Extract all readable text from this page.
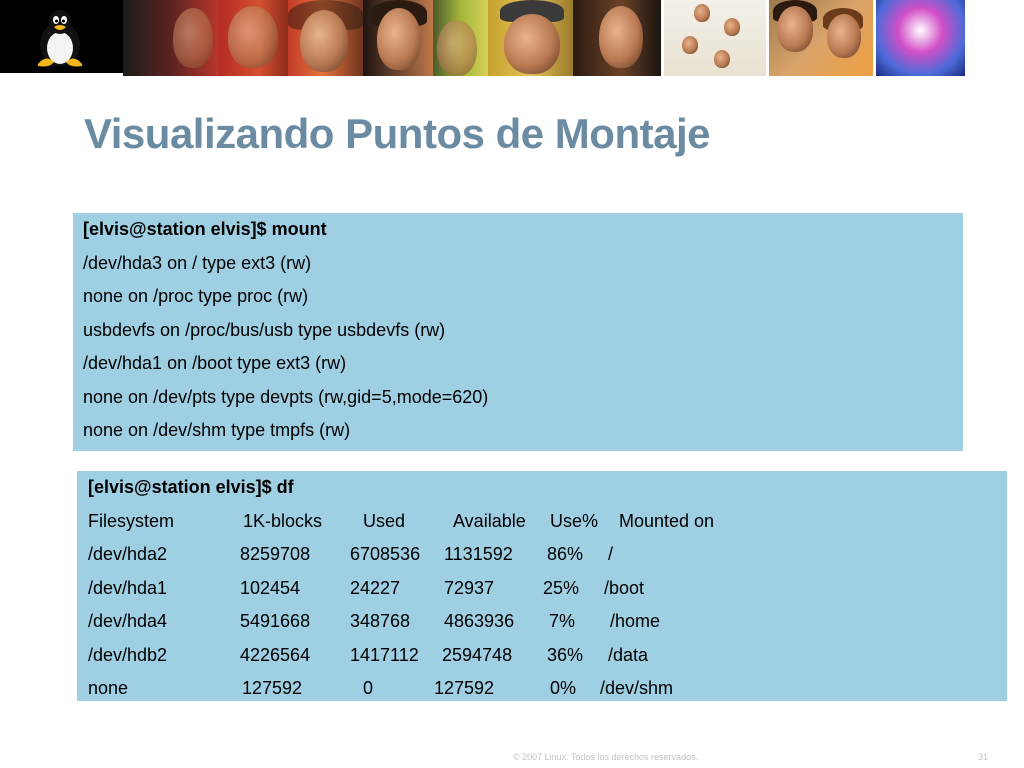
Visualizando Puntos de Montaje
[elvis@station elvis]$ mount
/dev/hda3 on / type ext3 (rw)
none on /proc type proc (rw)
usbdevfs on /proc/bus/usb type usbdevfs (rw)
/dev/hda1 on /boot type ext3 (rw)
none on /dev/pts type devpts (rw,gid=5,mode=620)
none on /dev/shm type tmpfs (rw)
[elvis@station elvis]$ df
Filesystem	1K-blocks Used	Available Use% Mounted on
/dev/hda2	8259708 6708536 1131592 86% /
/dev/hda1	102454	24227 72937	25% /boot
/dev/hda4	5491668 348768 4863936 7% /home
/dev/hdb2	4226564 1417112 2594748 36% /data
none	127592	0	127592	0% /dev/shm
© 2007 Linux. Todos los derechos reservados.	31
